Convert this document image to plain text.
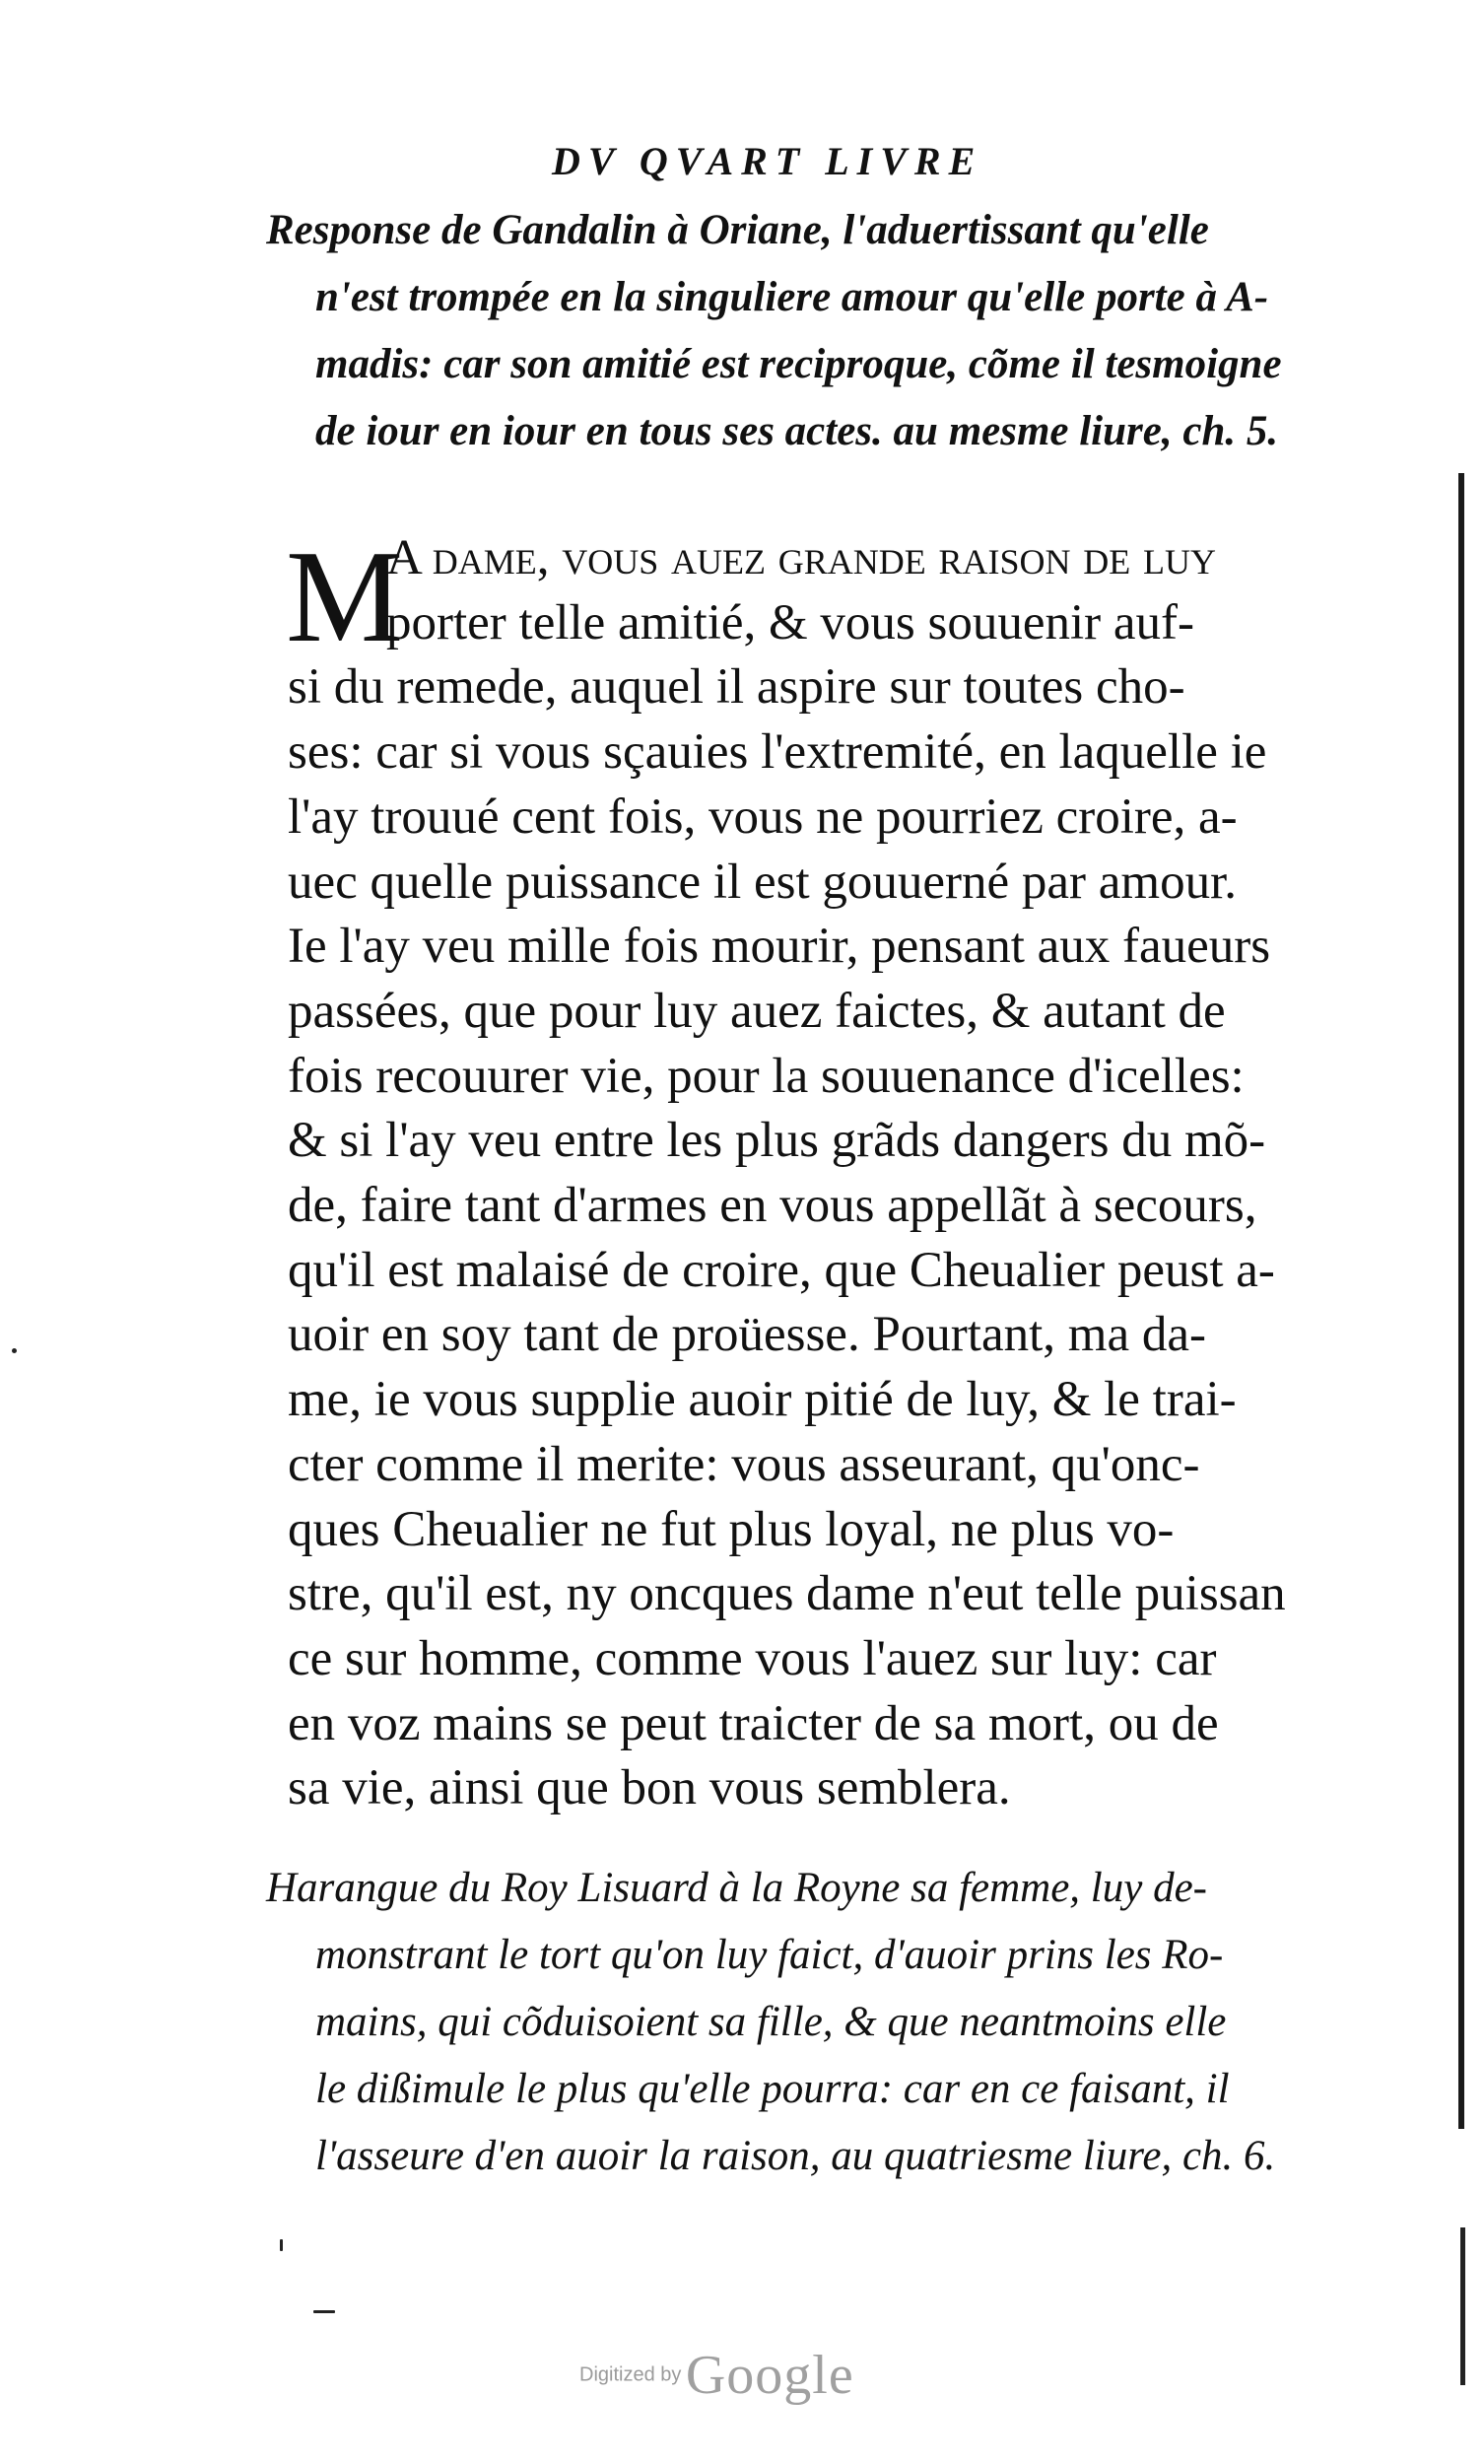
DV QVART LIVRE
Response de Gandalin à Oriane, l'aduertissant qu'elle
n'est trompée en la singuliere amour qu'elle porte à A-
madis: car son amitié est reciproque, cõme il tesmoigne
de iour en iour en tous ses actes. au mesme liure, ch. 5.
M
A dame, vous auez grande raison de luy
porter telle amitié, & vous souuenir auf-
si du remede, auquel il aspire sur toutes cho-
ses: car si vous sçauies l'extremité, en laquelle ie
l'ay trouué cent fois, vous ne pourriez croire, a-
uec quelle puissance il est gouuerné par amour.
Ie l'ay veu mille fois mourir, pensant aux faueurs
passées, que pour luy auez faictes, & autant de
fois recouurer vie, pour la souuenance d'icelles:
& si l'ay veu entre les plus grãds dangers du mõ-
de, faire tant d'armes en vous appellãt à secours,
qu'il est malaisé de croire, que Cheualier peust a-
uoir en soy tant de proüesse. Pourtant, ma da-
me, ie vous supplie auoir pitié de luy, & le trai-
cter comme il merite: vous asseurant, qu'onc-
ques Cheualier ne fut plus loyal, ne plus vo-
stre, qu'il est, ny oncques dame n'eut telle puissan
ce sur homme, comme vous l'auez sur luy: car
en voz mains se peut traicter de sa mort, ou de
sa vie, ainsi que bon vous semblera.
Harangue du Roy Lisuard à la Royne sa femme, luy de-
monstrant le tort qu'on luy faict, d'auoir prins les Ro-
mains, qui cõduisoient sa fille, & que neantmoins elle
le dißimule le plus qu'elle pourra: car en ce faisant, il
l'asseure d'en auoir la raison, au quatriesme liure, ch. 6.
Digitized by Google
